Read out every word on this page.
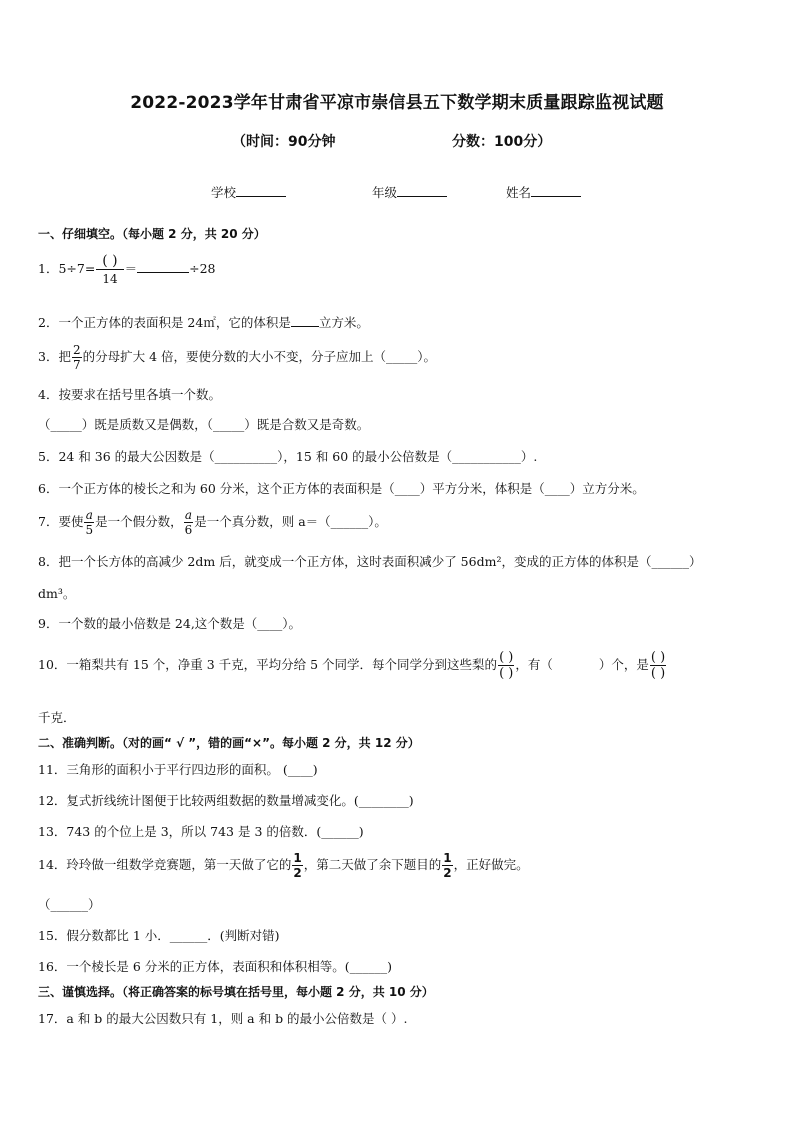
2022-2023学年甘肃省平凉市崇信县五下数学期末质量跟踪监视试题
（时间：90分钟	分数：100分）
学校	年级	姓名
一、仔细填空。（每小题 2 分，共 20 分）
1．$5\div 7= \frac{( )}{14}$ ＝	÷28
2．一个正方体的表面积是 24㎡，它的体积是 立方米。
3．把 $\frac{2}{7}$ 的分母扩大 4 倍，要使分数的大小不变，分子应加上（_____）。
4．按要求在括号里各填一个数。
（_____）既是质数又是偶数，（_____）既是合数又是奇数。
5．24 和 36 的最大公因数是（__________），15 和 60 的最小公倍数是（___________）.
6．一个正方体的棱长之和为 60 分米，这个正方体的表面积是（____）平方分米，体积是（____）立方分米。
7．要使 $\frac{a}{5}$ 是一个假分数， $\frac{a}{6}$ 是一个真分数，则 a＝（______）。
8．把一个长方体的高减少 2dm 后，就变成一个正方体，这时表面积减少了 56dm²，变成的正方体的体积是（______）
dm³。
9．一个数的最小倍数是 24,这个数是（____）。
10．一箱梨共有 15 个，净重 3 千克，平均分给 5 个同学．每个同学分到这些梨的 $\frac{( )}{( )}$ ，有（	）个，是 $\frac{( )}{( )}$
千克．
二、准确判断。（对的画“ √ ”，错的画“×”。每小题 2 分，共 12 分）
11．三角形的面积小于平行四边形的面积。 (____)
12．复式折线统计图便于比较两组数据的数量增减变化。(________)
13．743 的个位上是 3，所以 743 是 3 的倍数．(______)
14．玲玲做一组数学竞赛题，第一天做了它的 $\frac{1}{2}$ ，第二天做了余下题目的 $\frac{1}{2}$ ，正好做完。
（______）
15．假分数都比 1 小．______．(判断对错)
16．一个棱长是 6 分米的正方体，表面积和体积相等。(______)
三、谨慎选择。（将正确答案的标号填在括号里，每小题 2 分，共 10 分）
17．a 和 b 的最大公因数只有 1，则 a 和 b 的最小公倍数是（ ）.
